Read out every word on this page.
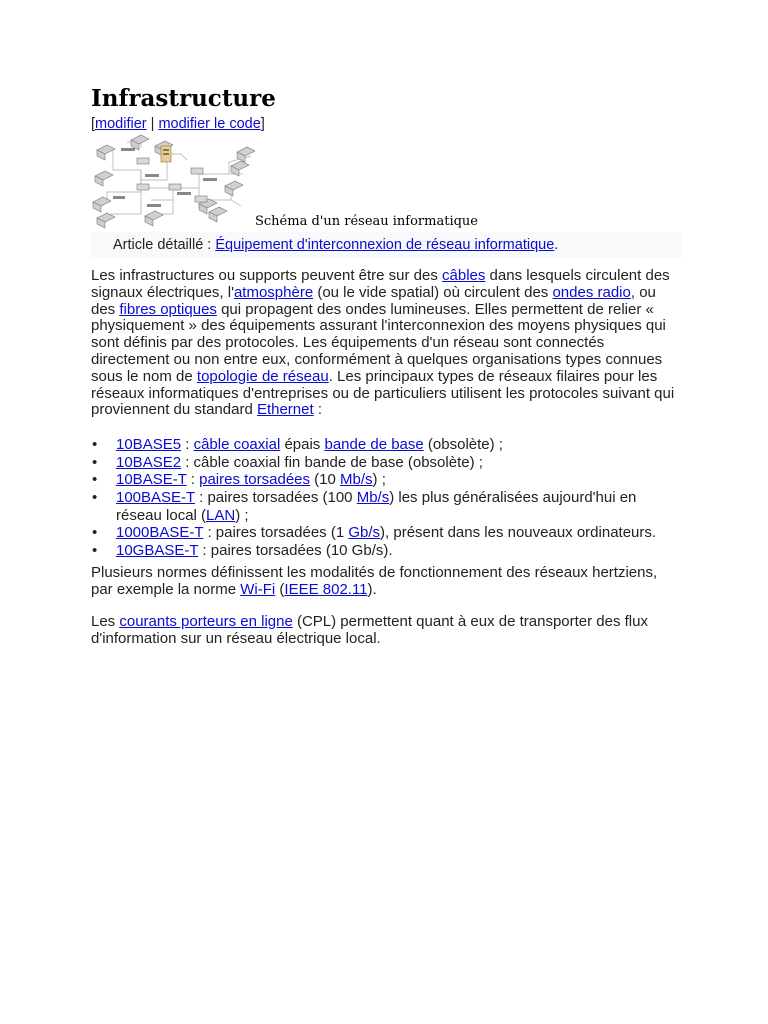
Infrastructure
[modifier | modifier le code]
Schéma d'un réseau informatique
Article détaillé : Équipement d'interconnexion de réseau informatique.

Les infrastructures ou supports peuvent être sur des câbles dans lesquels circulent des signaux électriques, l'atmosphère (ou le vide spatial) où circulent des ondes radio, ou des fibres optiques qui propagent des ondes lumineuses. Elles permettent de relier « physiquement » des équipements assurant l'interconnexion des moyens physiques qui sont définis par des protocoles. Les équipements d'un réseau sont connectés directement ou non entre eux, conformément à quelques organisations types connues sous le nom de topologie de réseau. Les principaux types de réseaux filaires pour les réseaux informatiques d'entreprises ou de particuliers utilisent les protocoles suivant qui proviennent du standard Ethernet :

• 10BASE5 : câble coaxial épais bande de base (obsolète) ;
• 10BASE2 : câble coaxial fin bande de base (obsolète) ;
• 10BASE-T : paires torsadées (10 Mb/s) ;
• 100BASE-T : paires torsadées (100 Mb/s) les plus généralisées aujourd'hui en réseau local (LAN) ;
• 1000BASE-T : paires torsadées (1 Gb/s), présent dans les nouveaux ordinateurs.
• 10GBASE-T : paires torsadées (10 Gb/s).

Plusieurs normes définissent les modalités de fonctionnement des réseaux hertziens, par exemple la norme Wi-Fi (IEEE 802.11).

Les courants porteurs en ligne (CPL) permettent quant à eux de transporter des flux d'information sur un réseau électrique local.
